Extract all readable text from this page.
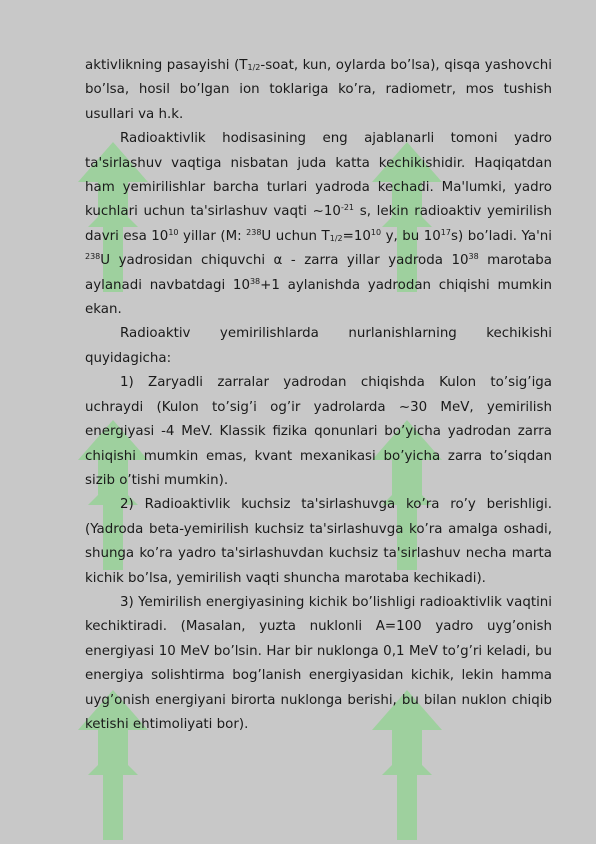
aktivlikning pasayishi ($T_{1/2}$-soat, kun, oylarda bo’lsa), qisqa yashovchi bo’lsa, hosil bo’lgan ion toklariga ko’ra, radiometr, mos tushish usullari va h.k.

Radioaktivlik hodisasining eng ajablanarli tomoni yadro ta'sirlashuv vaqtiga nisbatan juda katta kechikishidir. Haqiqatdan ham yemirilishlar barcha turlari yadroda kechadi. Ma'lumki, yadro kuchlari uchun ta'sirlashuv vaqti $\sim 10^{-21}$ s, lekin radioaktiv yemirilish davri esa $10^{10}$ yillar (M: $^{238}$U uchun $T_{1/2}=10^{10}$ y, bu $10^{17}s$) bo’ladi. Ya'ni $^{238}$U yadrosidan chiquvchi α - zarra yillar yadroda $10^{38}$ marotaba aylanadi navbatdagi $10^{38}+1$ aylanishda yadrodan chiqishi mumkin ekan.

Radioaktiv yemirilishlarda nurlanishlarning kechikishi quyidagicha:

1) Zaryadli zarralar yadrodan chiqishda Kulon to’sig’iga uchraydi (Kulon to’sig’i og’ir yadrolarda ~30 MeV, yemirilish energiyasi -4 MeV. Klassik fizika qonunlari bo’yicha yadrodan zarra chiqishi mumkin emas, kvant mexanikasi bo’yicha zarra to’siqdan sizib o’tishi mumkin).

2) Radioaktivlik kuchsiz ta'sirlashuvga ko’ra ro’y berishligi. (Yadroda beta-yemirilish kuchsiz ta'sirlashuvga ko’ra amalga oshadi, shunga ko’ra yadro ta'sirlashuvdan kuchsiz ta'sirlashuv necha marta kichik bo’lsa, yemirilish vaqti shuncha marotaba kechikadi).

3) Yemirilish energiyasining kichik bo’lishligi radioaktivlik vaqtini kechiktiradi. (Masalan, yuzta nuklonli A=100 yadro uyg’onish energiyasi 10 MeV bo’lsin. Har bir nuklonga 0,1 MeV to’g’ri keladi, bu energiya solishtirma bog’lanish energiyasidan kichik, lekin hamma uyg’onish energiyani birorta nuklonga berishi, bu bilan nuklon chiqib ketishi ehtimoliyati bor).
